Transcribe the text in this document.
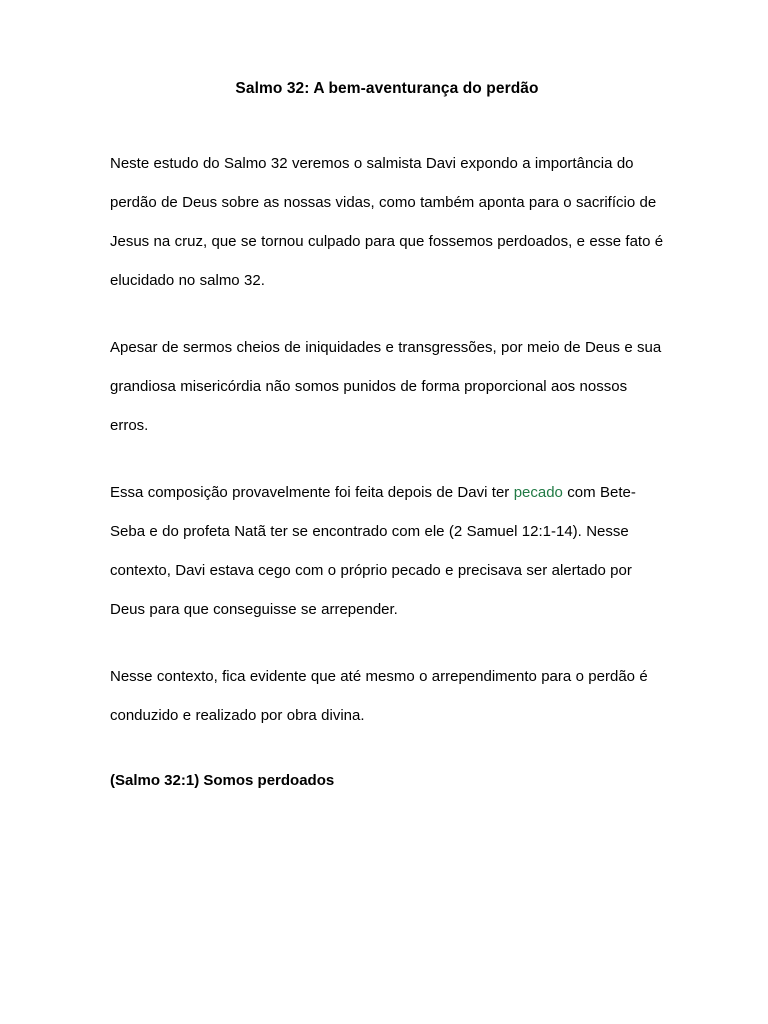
Salmo 32: A bem-aventurança do perdão

Neste estudo do Salmo 32 veremos o salmista Davi expondo a importância do perdão de Deus sobre as nossas vidas, como também aponta para o sacrifício de Jesus na cruz, que se tornou culpado para que fossemos perdoados, e esse fato é elucidado no salmo 32.

Apesar de sermos cheios de iniquidades e transgressões, por meio de Deus e sua grandiosa misericórdia não somos punidos de forma proporcional aos nossos erros.

Essa composição provavelmente foi feita depois de Davi ter pecado com Bete-Seba e do profeta Natã ter se encontrado com ele (2 Samuel 12:1-14). Nesse contexto, Davi estava cego com o próprio pecado e precisava ser alertado por Deus para que conseguisse se arrepender.

Nesse contexto, fica evidente que até mesmo o arrependimento para o perdão é conduzido e realizado por obra divina.

(Salmo 32:1) Somos perdoados
